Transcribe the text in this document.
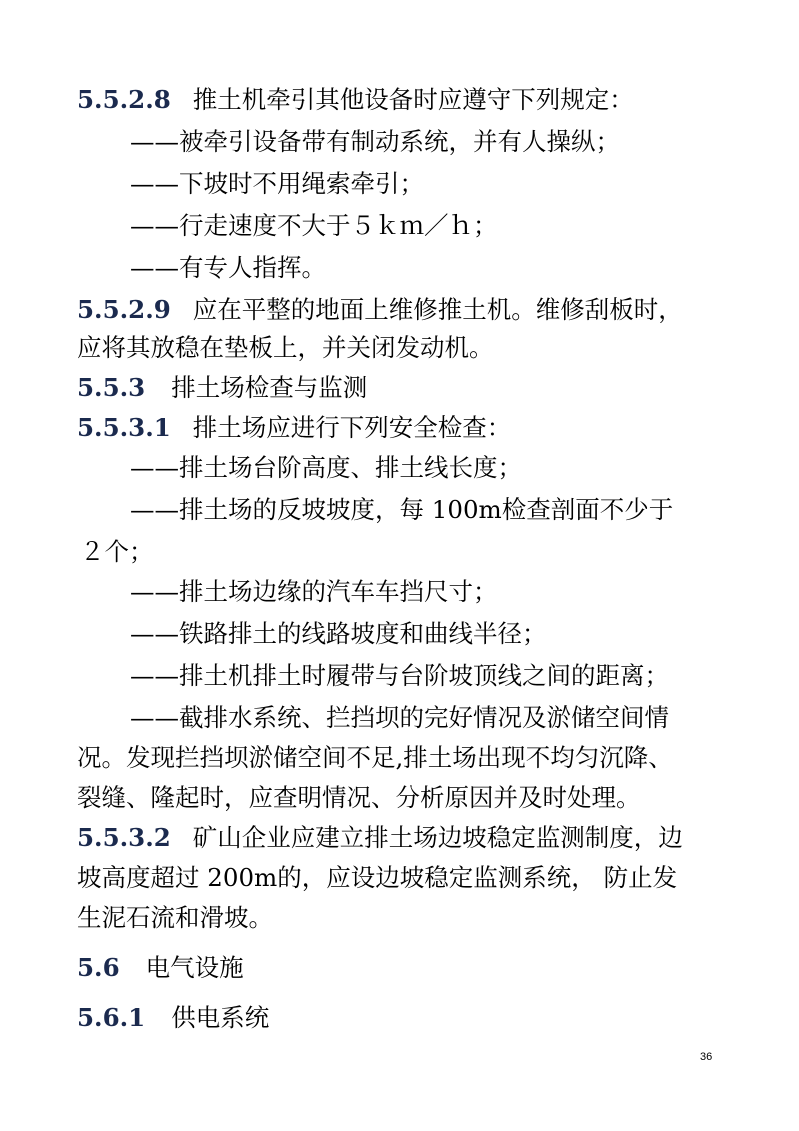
5.5.2.8 推土机牵引其他设备时应遵守下列规定：
——被牵引设备带有制动系统，并有人操纵；
——下坡时不用绳索牵引；
——行走速度不大于５ｋｍ／ｈ；
——有专人指挥。
5.5.2.9 应在平整的地面上维修推土机。维修刮板时，
应将其放稳在垫板上，并关闭发动机。
5.5.3 排土场检查与监测
5.5.3.1 排土场应进行下列安全检查：
——排土场台阶高度、排土线长度；
——排土场的反坡坡度，每 100m检查剖面不少于
２个；
——排土场边缘的汽车车挡尺寸；
——铁路排土的线路坡度和曲线半径；
——排土机排土时履带与台阶坡顶线之间的距离；
——截排水系统、拦挡坝的完好情况及淤储空间情
况。发现拦挡坝淤储空间不足,排土场出现不均匀沉降、
裂缝、隆起时，应查明情况、分析原因并及时处理。
5.5.3.2 矿山企业应建立排土场边坡稳定监测制度，边
坡高度超过 200m的，应设边坡稳定监测系统， 防止发
生泥石流和滑坡。
5.6 电气设施
5.6.1 供电系统
36
